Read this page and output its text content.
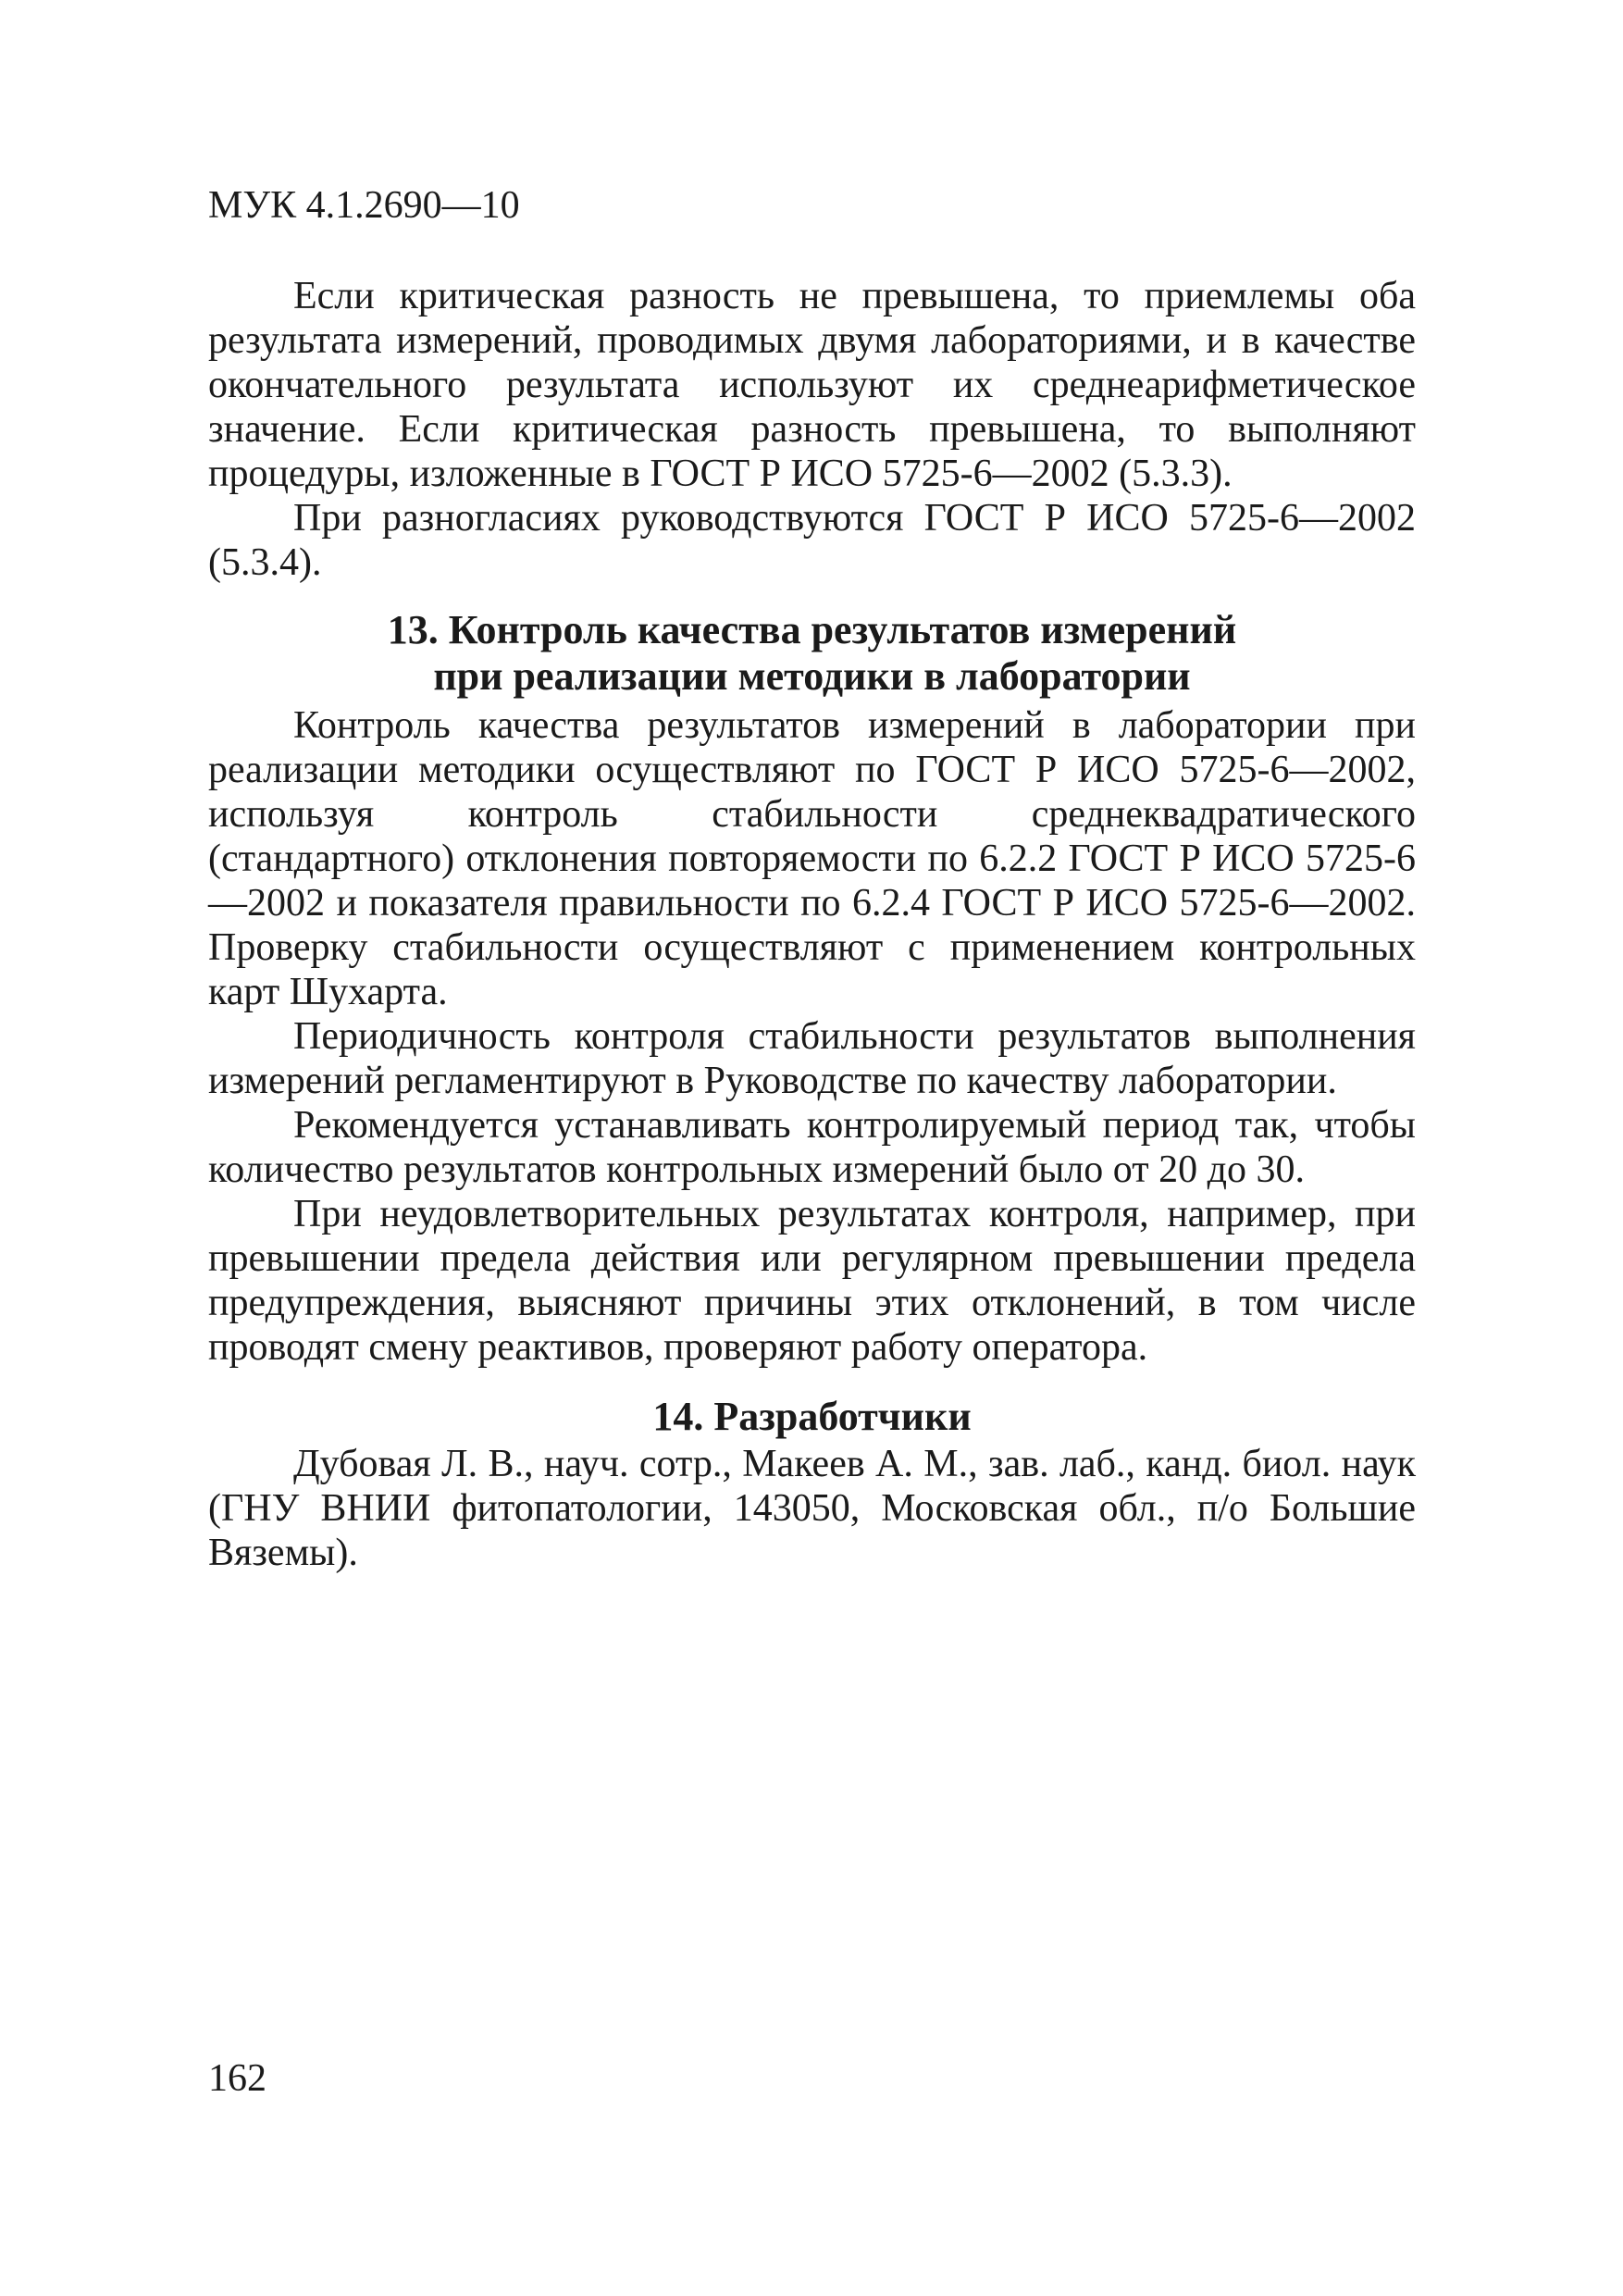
МУК 4.1.2690—10

Если критическая разность не превышена, то приемлемы оба результата измерений, проводимых двумя лабораториями, и в качестве окончательного результата используют их среднеарифметическое значение. Если критическая разность превышена, то выполняют процедуры, изложенные в ГОСТ Р ИСО 5725-6—2002 (5.3.3).

При разногласиях руководствуются ГОСТ Р ИСО 5725-6—2002 (5.3.4).

13. Контроль качества результатов измерений
при реализации методики в лаборатории

Контроль качества результатов измерений в лаборатории при реализации методики осуществляют по ГОСТ Р ИСО 5725-6—2002, используя контроль стабильности среднеквадратического (стандартного) отклонения повторяемости по 6.2.2 ГОСТ Р ИСО 5725-6—2002 и показателя правильности по 6.2.4 ГОСТ Р ИСО 5725-6—2002. Проверку стабильности осуществляют с применением контрольных карт Шухарта.

Периодичность контроля стабильности результатов выполнения измерений регламентируют в Руководстве по качеству лаборатории.

Рекомендуется устанавливать контролируемый период так, чтобы количество результатов контрольных измерений было от 20 до 30.

При неудовлетворительных результатах контроля, например, при превышении предела действия или регулярном превышении предела предупреждения, выясняют причины этих отклонений, в том числе проводят смену реактивов, проверяют работу оператора.

14. Разработчики

Дубовая Л. В., науч. сотр., Макеев А. М., зав. лаб., канд. биол. наук (ГНУ ВНИИ фитопатологии, 143050, Московская обл., п/о Большие Вяземы).

162
